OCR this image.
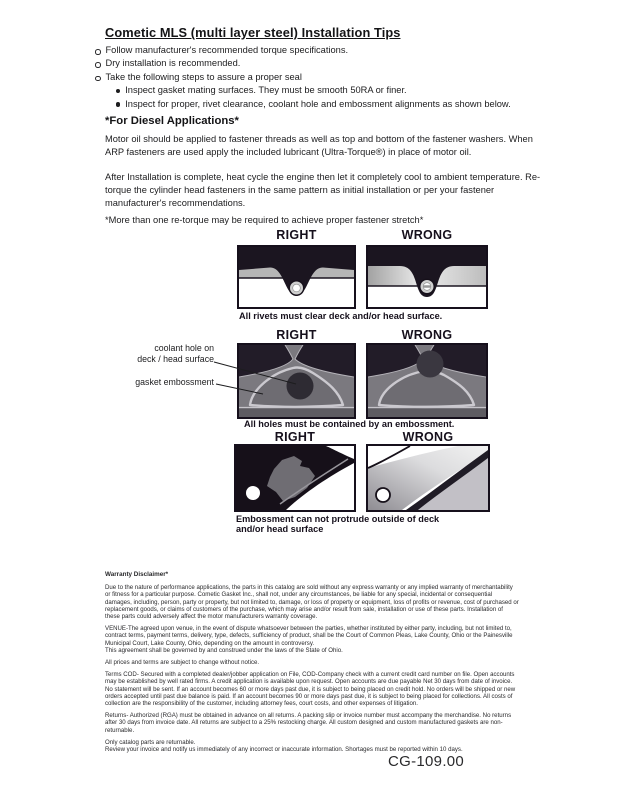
Cometic MLS (multi layer steel) Installation Tips
Follow manufacturer's recommended torque specifications.
Dry installation is recommended.
Take the following steps to assure a proper seal
Inspect gasket mating surfaces. They must be smooth 50RA or finer.
Inspect for proper, rivet clearance, coolant hole and embossment alignments as shown below.
*For Diesel Applications*
Motor oil should be applied to fastener threads as well as top and bottom of the fastener washers. When ARP fasteners are used apply the included lubricant (Ultra-Torque®) in place of motor oil.
After Installation is complete, heat cycle the engine then let it completely cool to ambient temperature. Re-torque the cylinder head fasteners in the same pattern as initial installation or per your fastener manufacturer's recommendations.
*More than one re-torque may be required to achieve proper fastener stretch*
RIGHT	WRONG
All rivets must clear deck and/or head surface.
RIGHT	WRONG
coolant hole on
deck / head surface
gasket embossment
All holes must be contained by an embossment.
RIGHT	WRONG
Embossment can not protrude outside of deck
and/or head surface
Warranty Disclaimer*

Due to the nature of performance applications, the parts in this catalog are sold without any express warranty or any implied warranty of merchantability or fitness for a particular purpose. Cometic Gasket Inc., shall not, under any circumstances, be liable for any special, incidental or consequential damages, including, person, party or property, but not limited to, damage, or loss of property or equipment, loss of profits or revenue, cost of purchased or replacement goods, or claims of customers of the purchase, which may arise and/or result from sale, installation or use of these parts. Installation of these parts could adversely affect the motor manufacturers warranty coverage.

VENUE-The agreed upon venue, in the event of dispute whatsoever between the parties, whether instituted by either party, including, but not limited to, contract terms, payment terms, delivery, type, defects, sufficiency of product, shall be the Court of Common Pleas, Lake County, Ohio or the Painesville Municipal Court, Lake County, Ohio, depending on the amount in controversy.

This agreement shall be governed by and construed under the laws of the State of Ohio.

All prices and terms are subject to change without notice.

Terms COD- Secured with a completed dealer/jobber application on File, COD-Company check with a current credit card number on file. Open accounts may be established by well rated firms. A credit application is available upon request. Open accounts are due payable Net 30 days from date of invoice. No statement will be sent. If an account becomes 60 or more days past due, it is subject to being placed on credit hold. No orders will be shipped or new orders accepted until past due balance is paid. If an account becomes 90 or more days past due, it is subject to being placed for collections. All costs of collection are the responsibility of the customer, including attorney fees, court costs, and other expenses of litigation.

Returns- Authorized (RGA) must be obtained in advance on all returns. A packing slip or invoice number must accompany the merchandise. No returns after 30 days from invoice date. All returns are subject to a 25% restocking charge. All custom designed and custom manufactured gaskets are non-returnable.

Only catalog parts are returnable.

Review your invoice and notify us immediately of any incorrect or inaccurate information. Shortages must be reported within 10 days.

CG-109.00
